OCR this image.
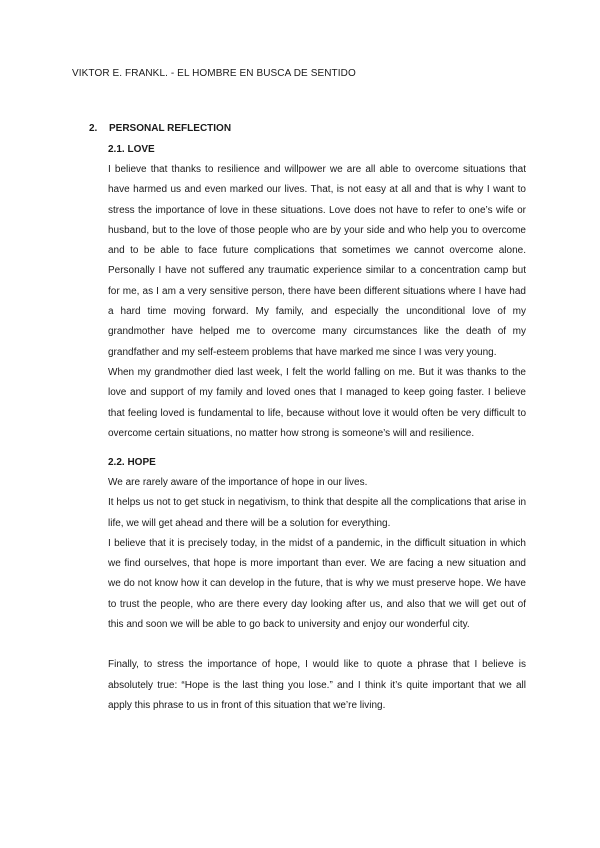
VIKTOR E. FRANKL. - EL HOMBRE EN BUSCA DE SENTIDO
2.	PERSONAL REFLECTION
2.1. LOVE

I believe that thanks to resilience and willpower we are all able to overcome situations that have harmed us and even marked our lives. That, is not easy at all and that is why I want to stress the importance of love in these situations. Love does not have to refer to one’s wife or husband, but to the love of those people who are by your side and who help you to overcome and to be able to face future complications that sometimes we cannot overcome alone. Personally I have not suffered any traumatic experience similar to a concentration camp but for me, as I am a very sensitive person, there have been different situations where I have had a hard time moving forward. My family, and especially the unconditional love of my grandmother have helped me to overcome many circumstances like the death of my grandfather and my self-esteem problems that have marked me since I was very young.

When my grandmother died last week, I felt the world falling on me. But it was thanks to the love and support of my family and loved ones that I managed to keep going faster. I believe that feeling loved is fundamental to life, because without love it would often be very difficult to overcome certain situations, no matter how strong is someone’s will and resilience.

2.2. HOPE

We are rarely aware of the importance of hope in our lives.

It helps us not to get stuck in negativism, to think that despite all the complications that arise in life, we will get ahead and there will be a solution for everything.

I believe that it is precisely today, in the midst of a pandemic, in the difficult situation in which we find ourselves, that hope is more important than ever. We are facing a new situation and we do not know how it can develop in the future, that is why we must preserve hope. We have to trust the people, who are there every day looking after us, and also that we will get out of this and soon we will be able to go back to university and enjoy our wonderful city.

Finally, to stress the importance of hope, I would like to quote a phrase that I believe is absolutely true: “Hope is the last thing you lose.” and I think it’s quite important that we all apply this phrase to us in front of this situation that we’re living.
